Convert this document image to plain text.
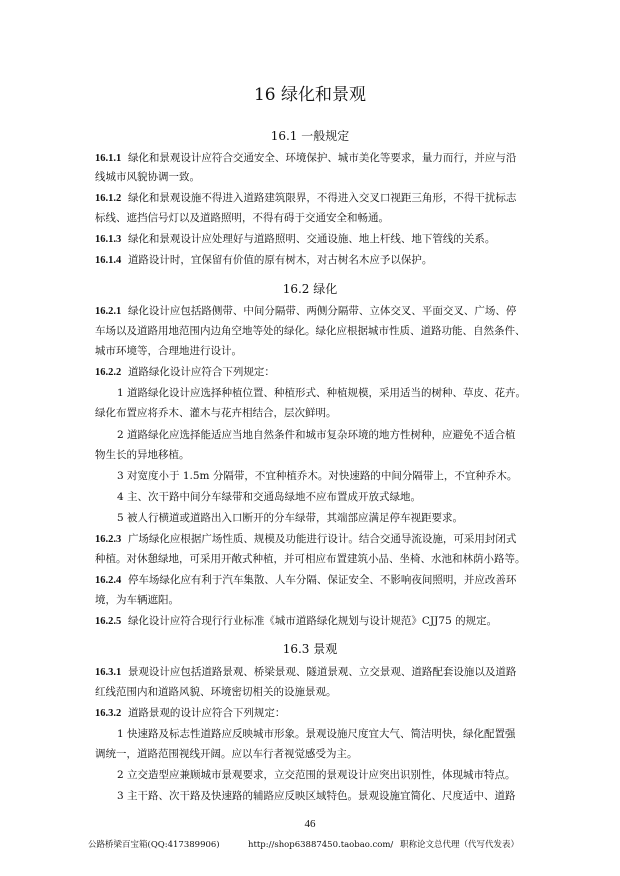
16 绿化和景观
16.1 一般规定
16.1.1 绿化和景观设计应符合交通安全、环境保护、城市美化等要求，量力而行，并应与沿
线城市风貌协调一致。
16.1.2 绿化和景观设施不得进入道路建筑限界，不得进入交叉口视距三角形，不得干扰标志
标线、遮挡信号灯以及道路照明，不得有碍于交通安全和畅通。
16.1.3 绿化和景观设计应处理好与道路照明、交通设施、地上杆线、地下管线的关系。
16.1.4 道路设计时，宜保留有价值的原有树木，对古树名木应予以保护。
16.2 绿化
16.2.1 绿化设计应包括路侧带、中间分隔带、两侧分隔带、立体交叉、平面交叉、广场、停
车场以及道路用地范围内边角空地等处的绿化。绿化应根据城市性质、道路功能、自然条件、
城市环境等，合理地进行设计。
16.2.2 道路绿化设计应符合下列规定：
1 道路绿化设计应选择种植位置、种植形式、种植规模，采用适当的树种、草皮、花卉。
绿化布置应将乔木、灌木与花卉相结合，层次鲜明。
2 道路绿化应选择能适应当地自然条件和城市复杂环境的地方性树种，应避免不适合植
物生长的异地移植。
3 对宽度小于 1.5m 分隔带，不宜种植乔木。对快速路的中间分隔带上，不宜种乔木。
4 主、次干路中间分车绿带和交通岛绿地不应布置成开放式绿地。
5 被人行横道或道路出入口断开的分车绿带，其端部应满足停车视距要求。
16.2.3 广场绿化应根据广场性质、规模及功能进行设计。结合交通导流设施，可采用封闭式
种植。对休憩绿地，可采用开敞式种植，并可相应布置建筑小品、坐椅、水池和林荫小路等。
16.2.4 停车场绿化应有利于汽车集散、人车分隔、保证安全、不影响夜间照明，并应改善环
境，为车辆遮阳。
16.2.5 绿化设计应符合现行行业标准《城市道路绿化规划与设计规范》CJJ75 的规定。
16.3 景观
16.3.1 景观设计应包括道路景观、桥梁景观、隧道景观、立交景观、道路配套设施以及道路
红线范围内和道路风貌、环境密切相关的设施景观。
16.3.2 道路景观的设计应符合下列规定：
1 快速路及标志性道路应反映城市形象。景观设施尺度宜大气、简洁明快，绿化配置强
调统一，道路范围视线开阔。应以车行者视觉感受为主。
2 立交造型应兼顾城市景观要求，立交范围的景观设计应突出识别性，体现城市特点。
3 主干路、次干路及快速路的辅路应反映区域特色。景观设施宜简化、尺度适中、道路
46
公路桥梁百宝箱(QQ:417389906)	http://shop63887450.taobao.com/ 职称论文总代理（代写代发表）
